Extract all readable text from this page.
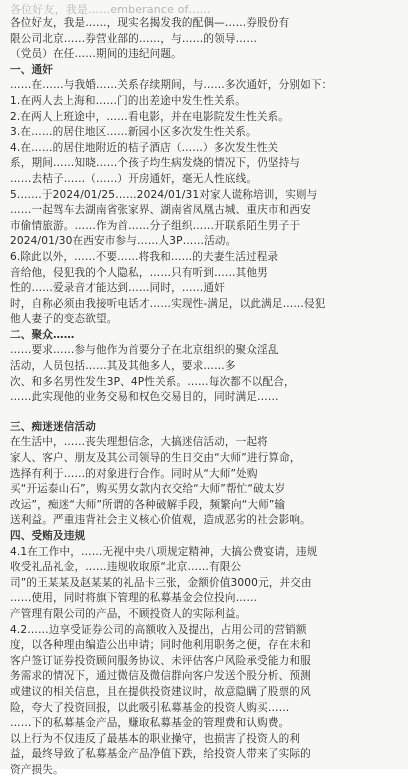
各位好友，我是……emberance of……
各位好友，我是……，现实名揭发我的配偶—……券股份有
限公司北京……券营业部的……，与……的领导……
（党员）在任……期间的违纪问题。
一、通奸
……在……与我婚……关系存续期间，与……多次通奸，分别如下：
1.在两人去上海和……门的出差途中发生性关系。
2.在两人上班途中，……看电影，并在电影院发生性关系。
3.在……的居住地区……新园小区多次发生性关系。
4.在……的居住地附近的桔子酒店（……）多次发生性关
系，期间……知晓……个孩子均生病发烧的情况下，仍坚持与
……去桔子……（……）开房通奸，毫无人性底线。
5.……于2024/01/25……2024/01/31对家人谎称培训，实则与
……一起驾车去湖南省张家界、湖南省凤凰古城、重庆市和西安
市偷情旅游。……作为首……分子组织……开联系陌生男子于
2024/01/30在西安市参与……人3P……活动。
6.除此以外，……不要……将我和……的夫妻生活过程录
音给他，侵犯我的个人隐私，……只有听到……其他男
性的……爱录音才能达到……同时，……通奸
时，自称必须由我接听电话才……实现性-满足，以此满足……侵犯
他人妻子的变态欲望。
二、聚众……
……要求……参与他作为首要分子在北京组织的聚众淫乱
活动，人员包括……其及其他多人，要求……多
次、和多名男性发生3P、4P性关系。……每次都不以配合，
……此实现他的业务交易和权色交易目的，同时满足……
三、痴迷迷信活动
在生活中，……丧失理想信念，大搞迷信活动，一起将
家人、客户、朋友及其公司领导的生日交由“大师”进行算命，
选择有利于……的对象进行合作。同时从“大师”处购
买“开运泰山石”，购买男女款内衣交给“大师”帮忙“破太岁
改运”，痴迷“大师”所谓的各种破解手段，频繁向“大师”输
送利益。严重违背社会主义核心价值观，造成恶劣的社会影响。
四、受贿及违规
4.1在工作中，……无视中央八项规定精神，大搞公费宴请，违规
收受礼品礼金，……违规收取原“北京……有限公
司”的王某某及赵某某的礼品卡三张，金额价值3000元，并交由
……使用，同时将旗下管理的私募基金会位投向……
产管理有限公司的产品，不顾投资人的实际利益。
4.2……边享受证券公司的高额收入及提出，占用公司的营销额
度，以各种理由编造公出申请；同时他利用职务之便，存在未和
客户签订证券投资顾问服务协议、未评估客户风险承受能力和服
务需求的情况下，通过微信及微信群向客户发送个股分析、预测
或建议的相关信息，且在提供投资建议时，故意隐瞒了股票的风
险，夸大了投资回报，以此吸引私募基金的投资人购买……
……下的私募基金产品，赚取私募基金的管理费和认购费。
以上行为不仅违反了最基本的职业操守，也损害了投资人的利
益，最终导致了私募基金产品净值下跌，给投资人带来了实际的
资产损失。
